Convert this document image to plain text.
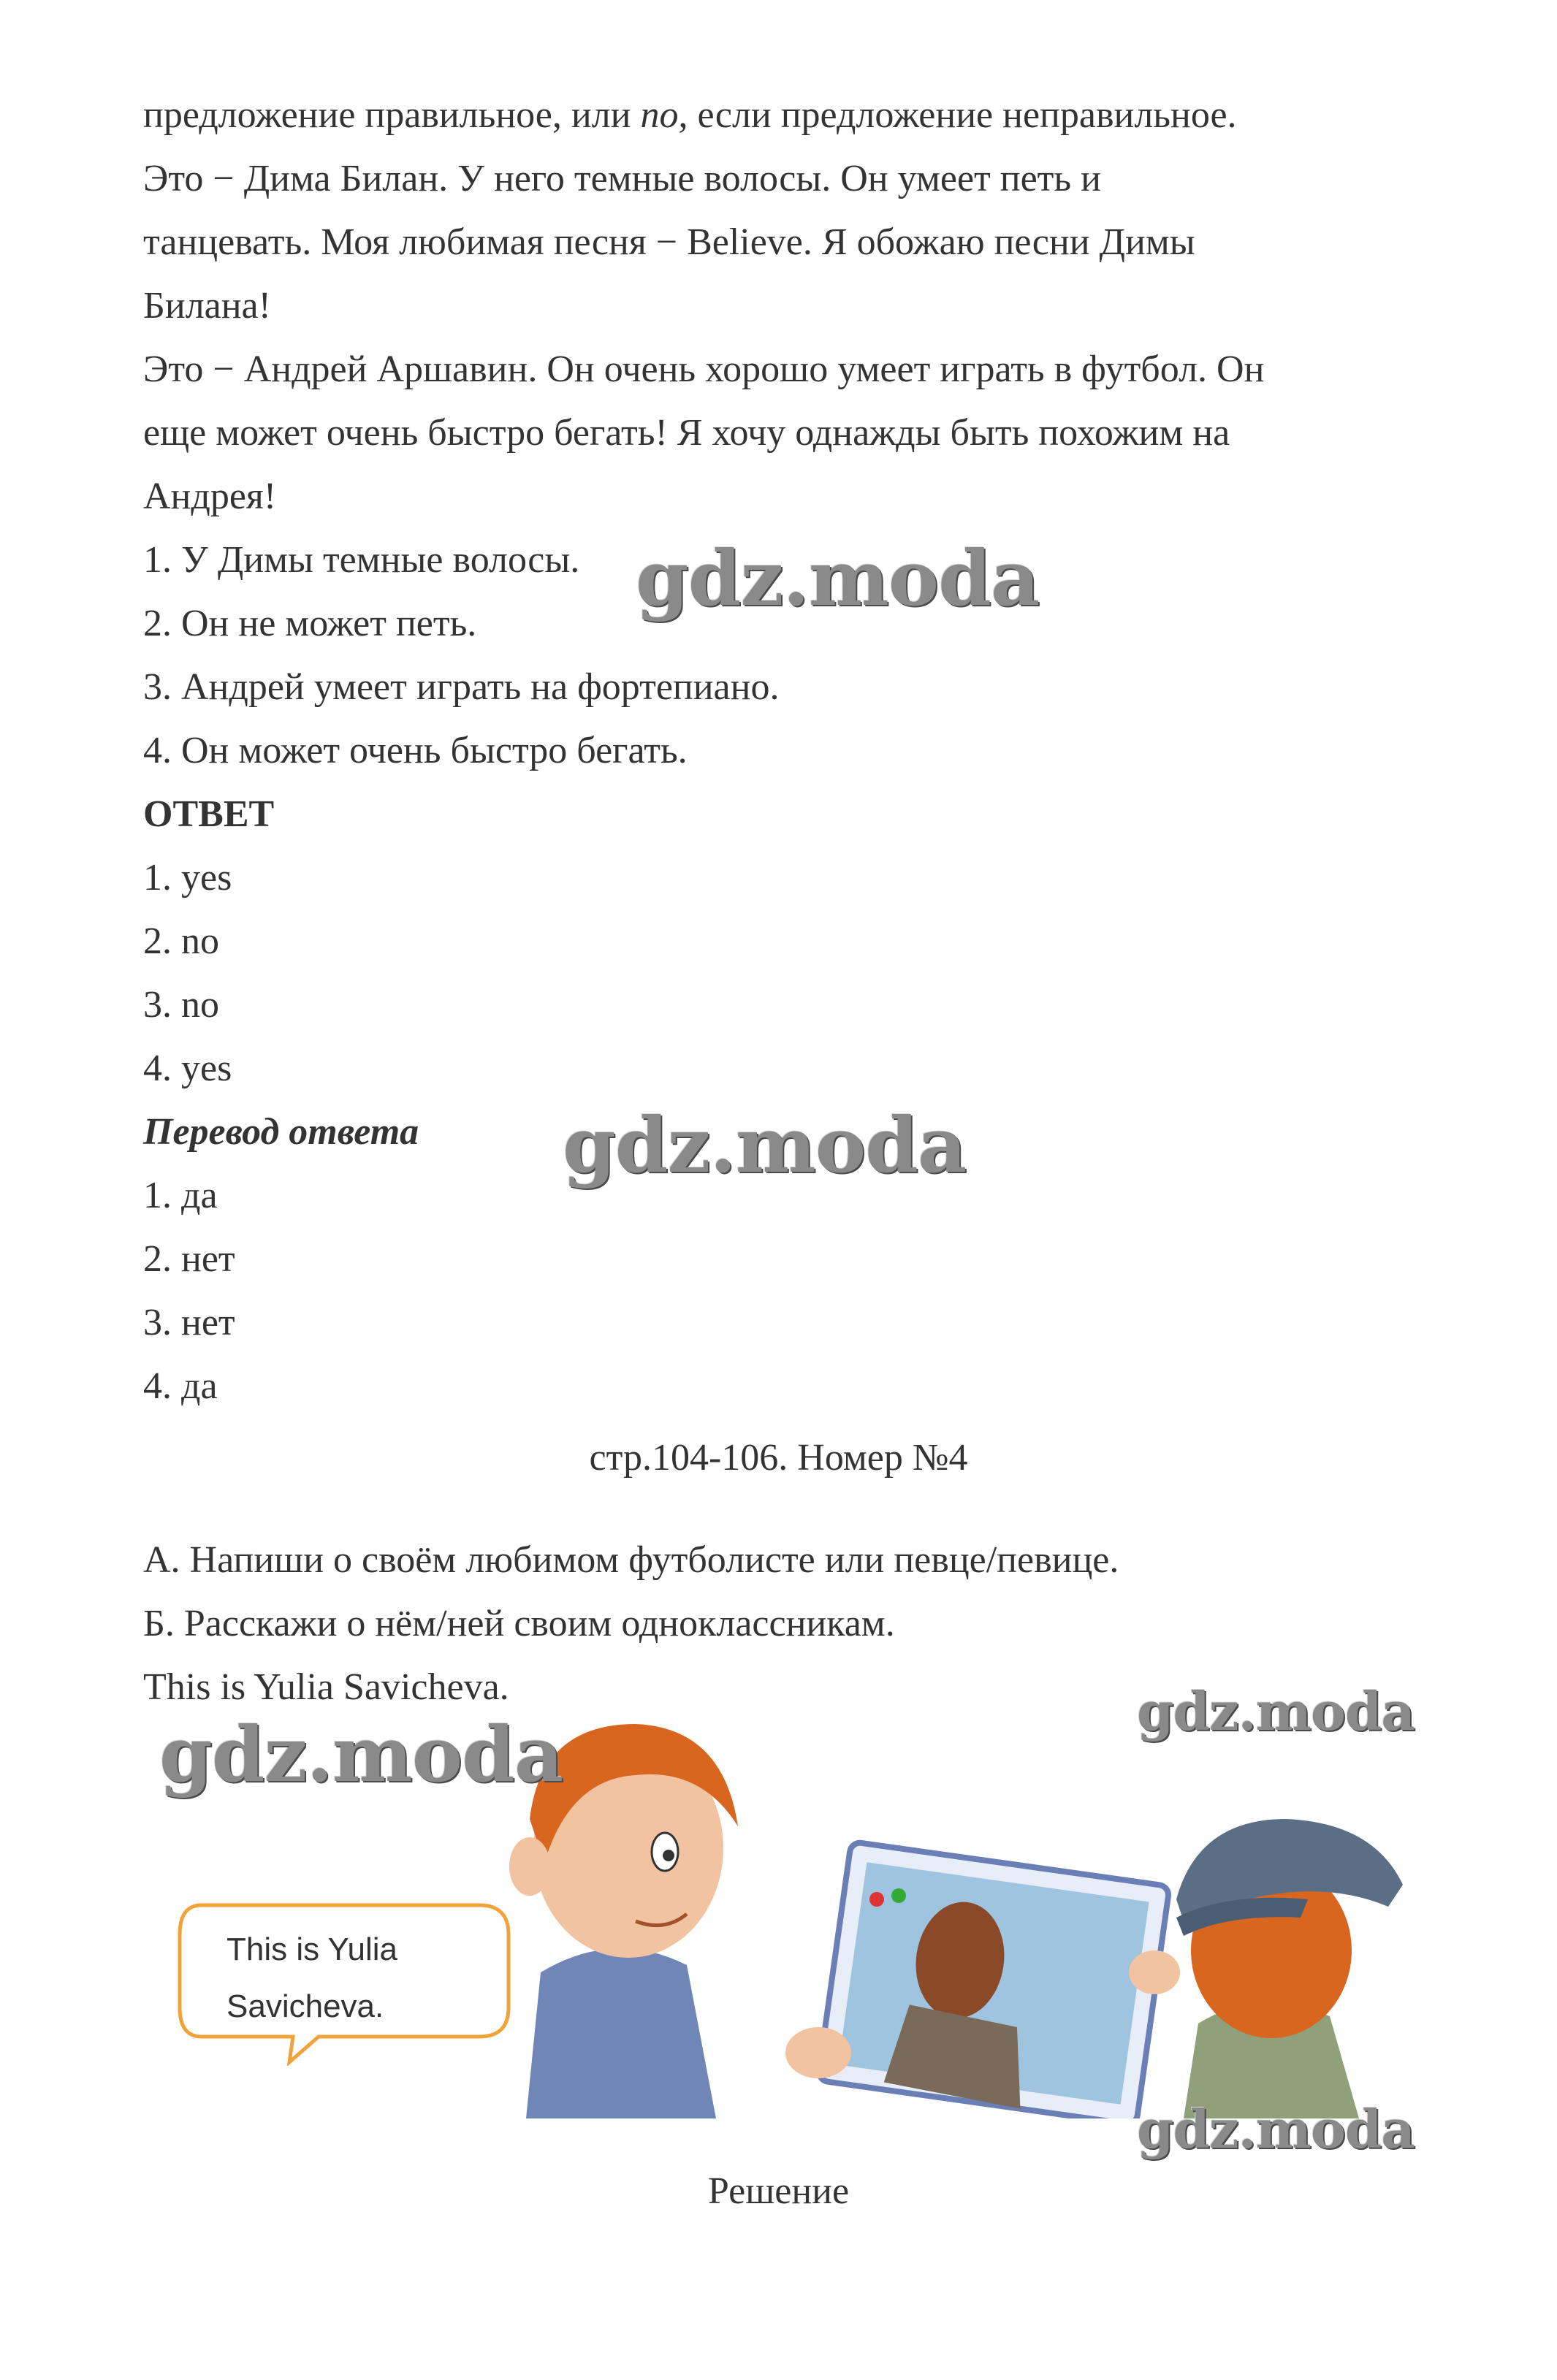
предложение правильное, или no, если предложение неправильное.
Это − Дима Билан. У него темные волосы. Он умеет петь и
танцевать. Моя любимая песня − Believe. Я обожаю песни Димы
Билана!
Это − Андрей Аршавин. Он очень хорошо умеет играть в футбол. Он
еще может очень быстро бегать! Я хочу однажды быть похожим на
Андрея!
1. У Димы темные волосы.
2. Он не может петь.
3. Андрей умеет играть на фортепиано.
4. Он может очень быстро бегать.
ОТВЕТ
1. yes
2. no
3. no
4. yes
Перевод ответа
1. да
2. нет
3. нет
4. да
стр.104-106. Номер №4
А. Напиши о своём любимом футболисте или певце/певице.
Б. Расскажи о нём/ней своим одноклассникам.
This is Yulia Savicheva.
This is Yulia
Savicheva.
Решение
gdz.moda
gdz.moda
gdz.moda	gdz.moda
gdz.moda
